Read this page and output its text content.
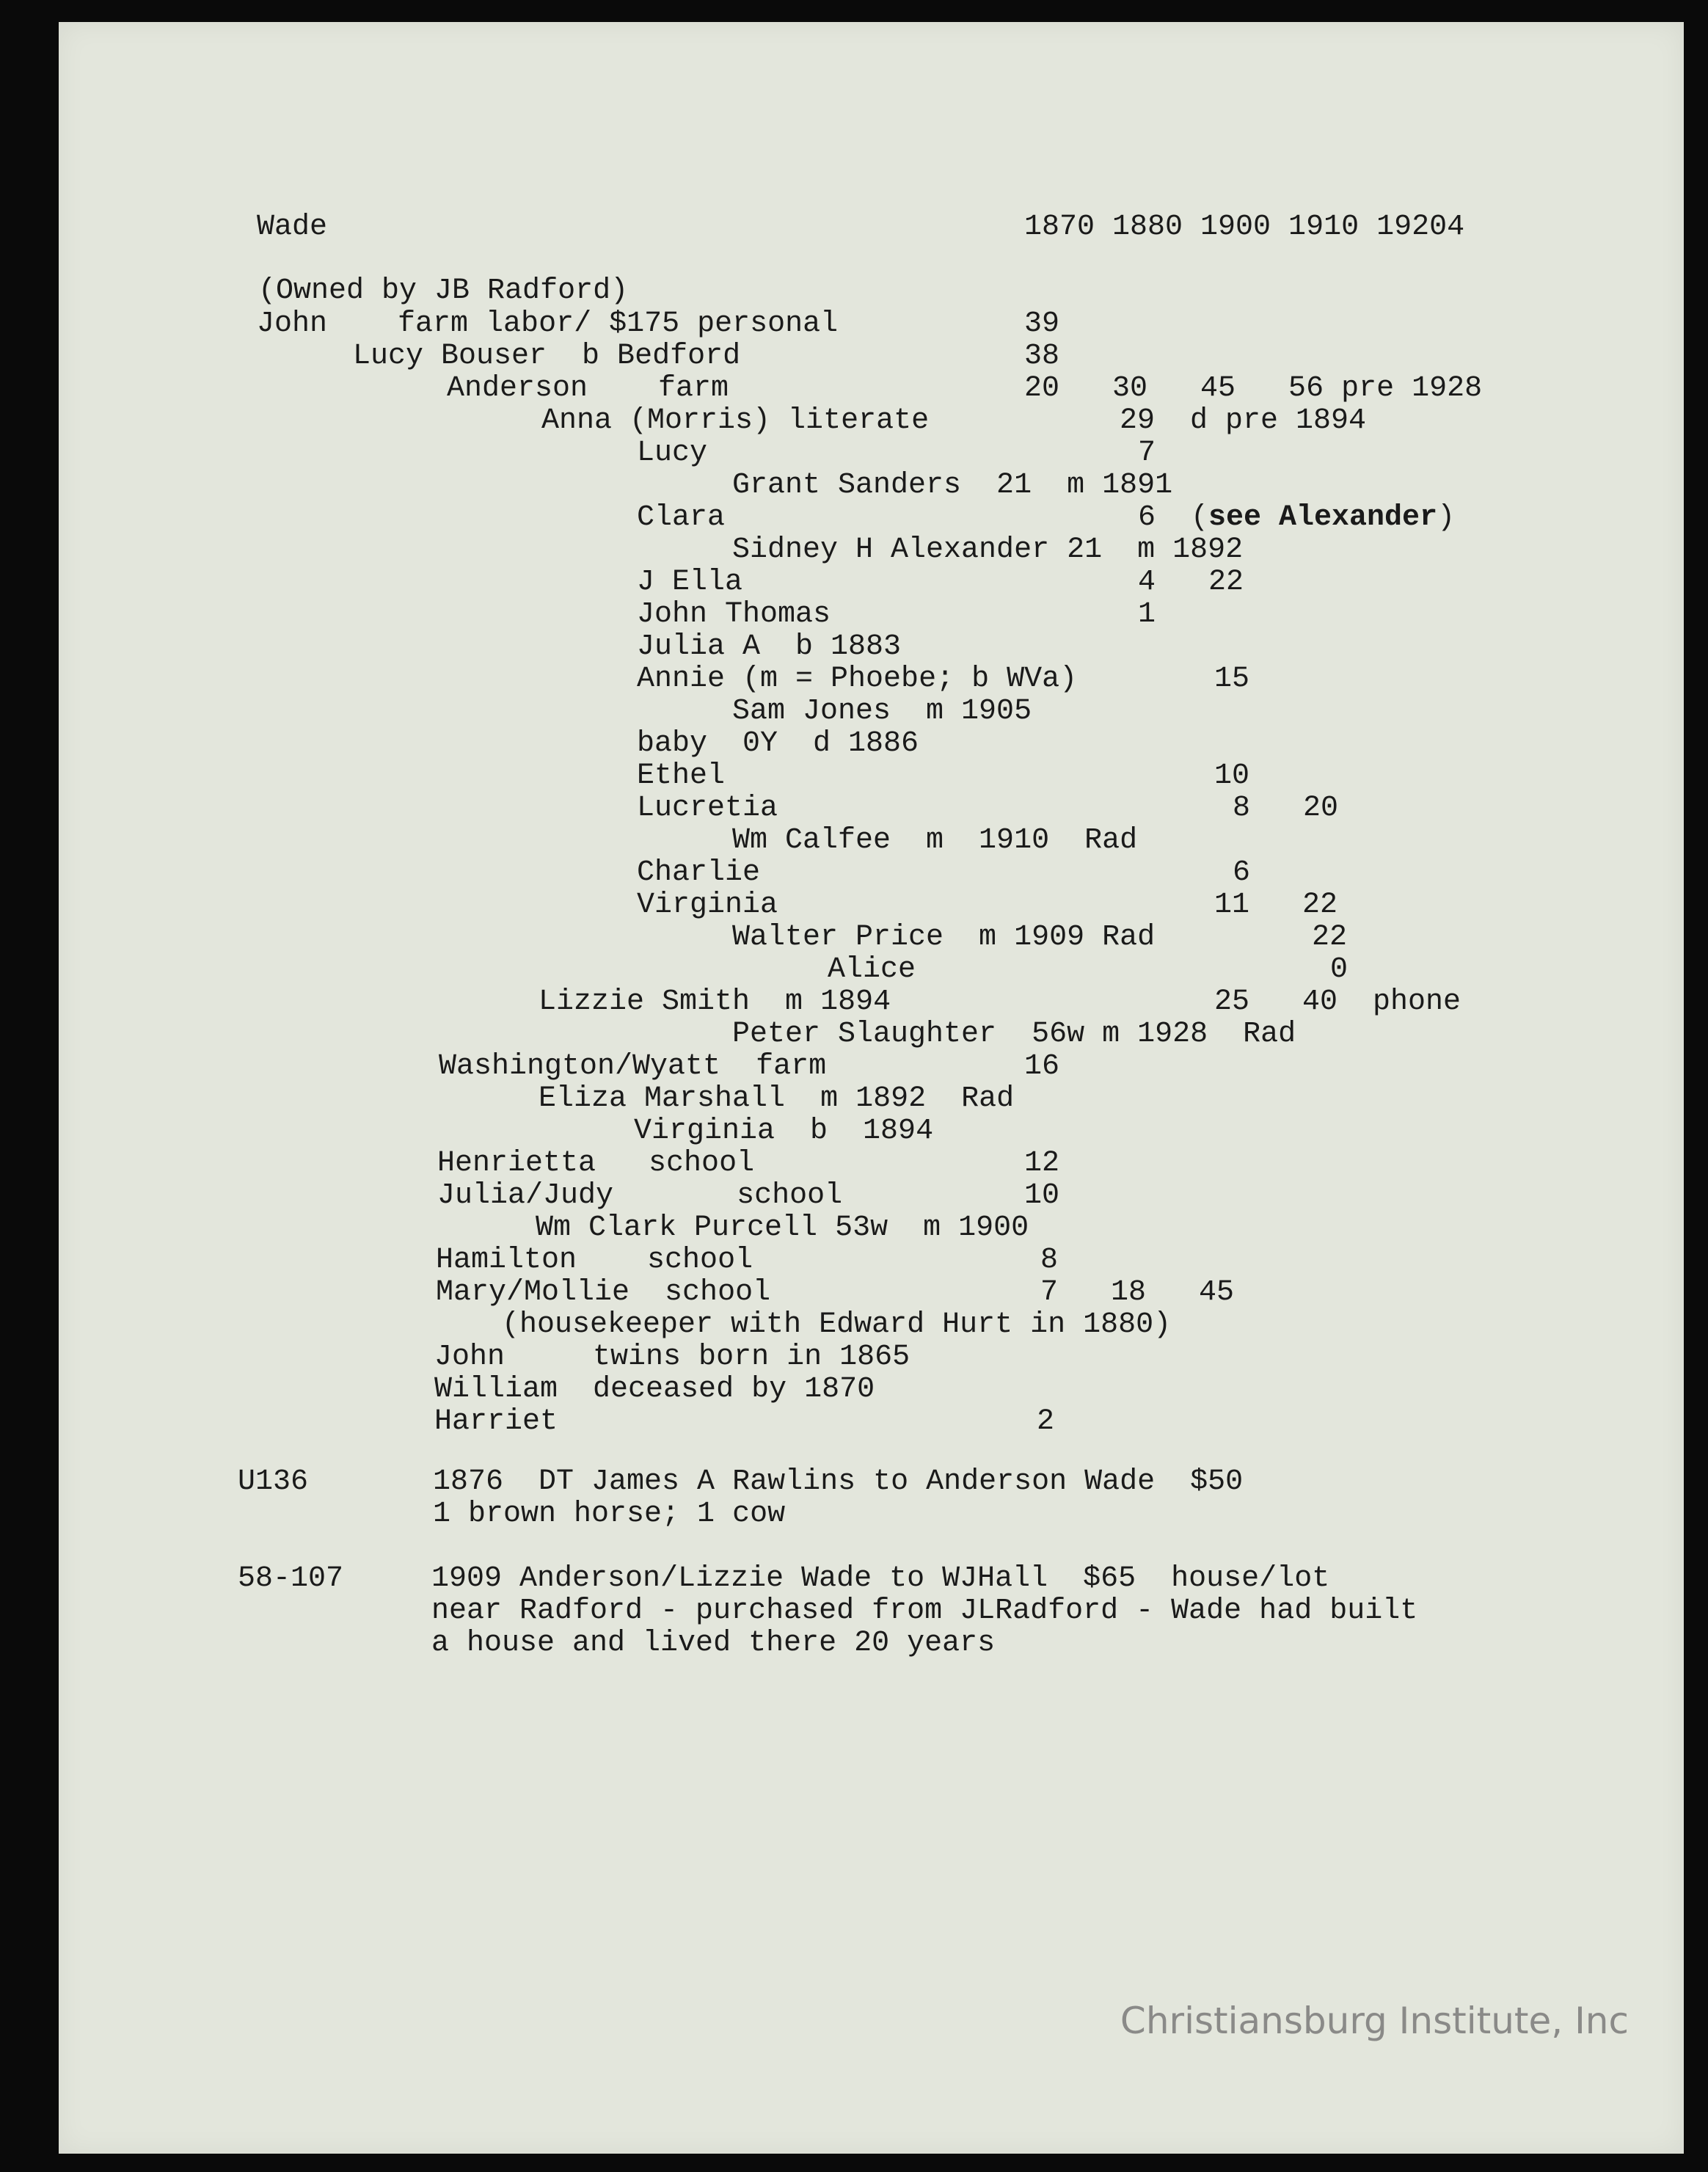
Wade	1870 1880 1900 1910 19204
(Owned by JB Radford)
John    farm labor/ $175 personal	39
Lucy Bouser  b Bedford	38
Anderson    farm	20   30   45   56 pre 1928
Anna (Morris) literate	29  d pre 1894
Lucy	7
Grant Sanders  21  m 1891
Clara	6  (see Alexander)
Sidney H Alexander 21  m 1892
J Ella	4   22
John Thomas	1
Julia A  b 1883
Annie (m = Phoebe; b WVa)	15
Sam Jones  m 1905
baby  0Y  d 1886
Ethel	10
Lucretia	8   20
Wm Calfee  m  1910  Rad
Charlie	6
Virginia	11   22
Walter Price  m 1909 Rad	22
Alice	0
Lizzie Smith  m 1894	25   40  phone
Peter Slaughter  56w m 1928  Rad
Washington/Wyatt  farm	16
Eliza Marshall  m 1892  Rad
Virginia  b  1894
Henrietta   school	12
Julia/Judy       school	10
Wm Clark Purcell 53w  m 1900
Hamilton    school	8
Mary/Mollie  school	7   18   45
(housekeeper with Edward Hurt in 1880)
John     twins born in 1865
William  deceased by 1870
Harriet	2
U136	1876  DT James A Rawlins to Anderson Wade  $50
1 brown horse; 1 cow
58-107	1909 Anderson/Lizzie Wade to WJHall  $65  house/lot
near Radford - purchased from JLRadford - Wade had built
a house and lived there 20 years
Christiansburg Institute, Inc
